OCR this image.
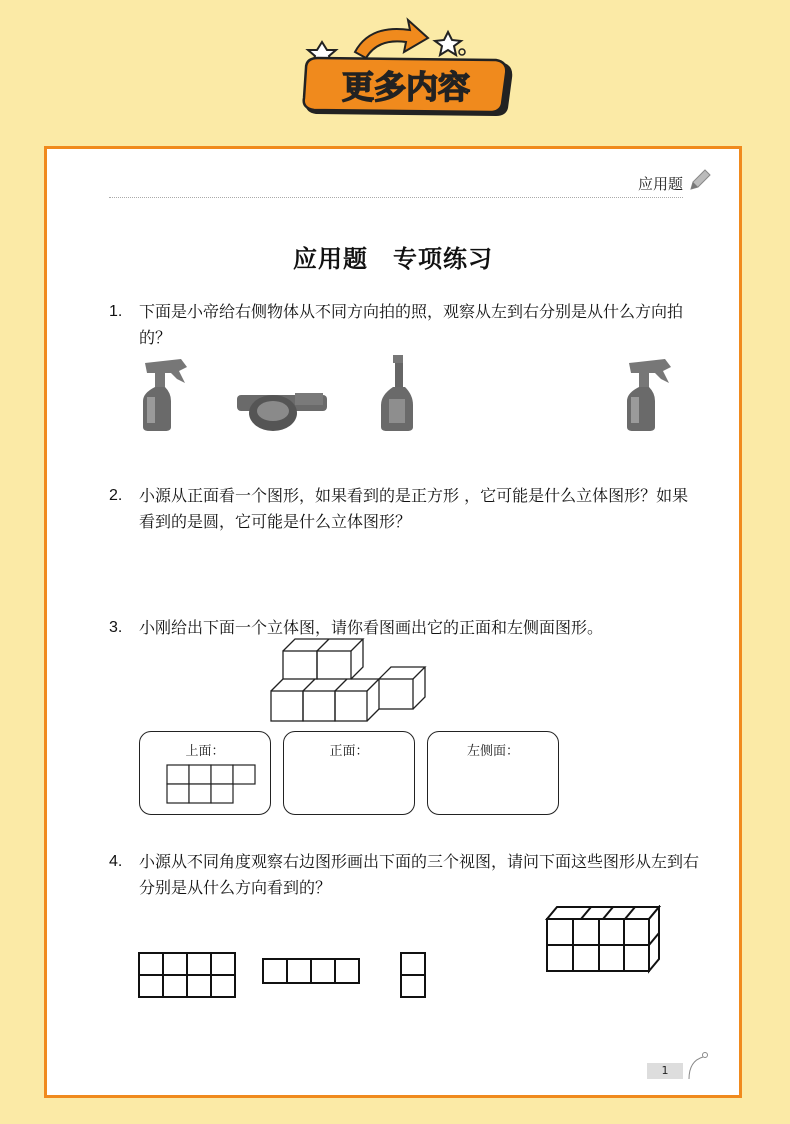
更多内容
应用题
应用题　专项练习
1. 下面是小帝给右侧物体从不同方向拍的照，观察从左到右分别是从什么方向拍的？
2. 小源从正面看一个图形，如果看到的是正方形 ，它可能是什么立体图形？如果看到的是圆，它可能是什么立体图形？
3. 小刚给出下面一个立体图，请你看图画出它的正面和左侧面图形。
上面：	正面：	左侧面：
4. 小源从不同角度观察右边图形画出下面的三个视图，请问下面这些图形从左到右分别是从什么方向看到的？
1
